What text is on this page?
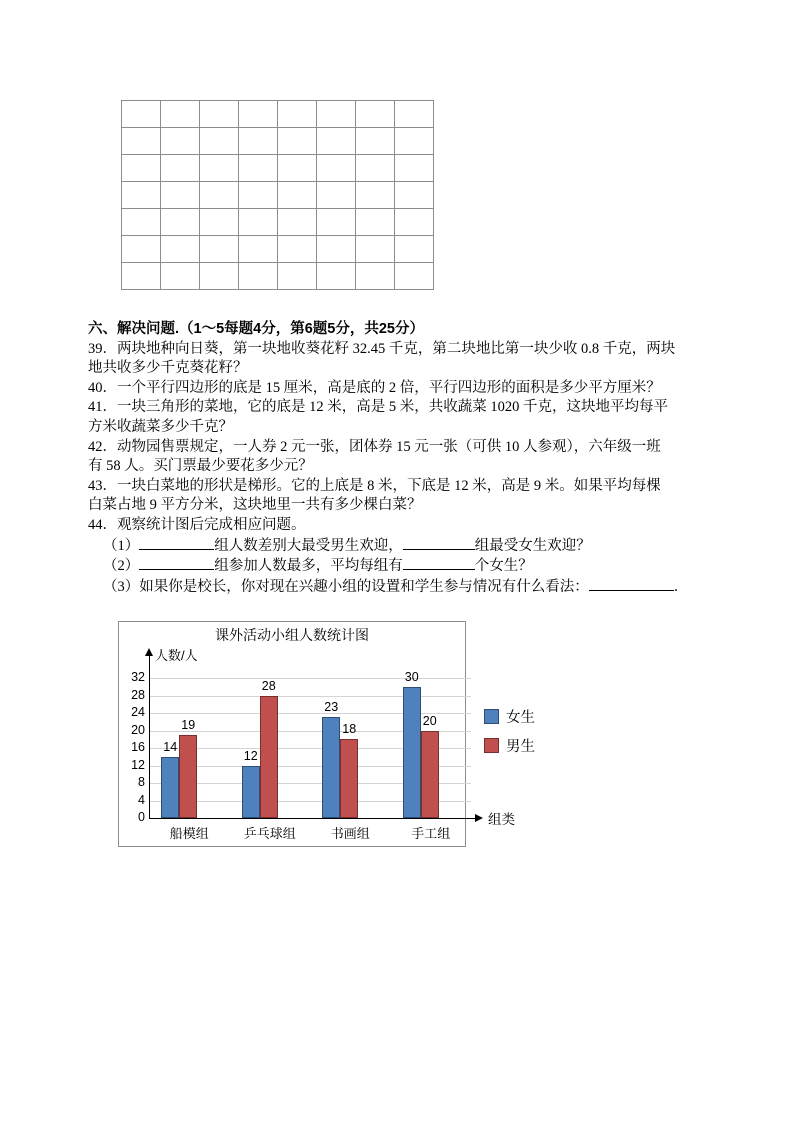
六、解决问题.（1～5每题4分，第6题5分，共25分）
39．两块地种向日葵，第一块地收葵花籽 32.45 千克，第二块地比第一块少收 0.8 千克，两块
地共收多少千克葵花籽？
40．一个平行四边形的底是 15 厘米，高是底的 2 倍，平行四边形的面积是多少平方厘米？
41．一块三角形的菜地，它的底是 12 米，高是 5 米，共收蔬菜 1020 千克，这块地平均每平
方米收蔬菜多少千克？
42．动物园售票规定，一人券 2 元一张，团体券 15 元一张（可供 10 人参观），六年级一班
有 58 人。买门票最少要花多少元？
43．一块白菜地的形状是梯形。它的上底是 8 米，下底是 12 米，高是 9 米。如果平均每棵
白菜占地 9 平方分米，这块地里一共有多少棵白菜？
44．观察统计图后完成相应问题。
（1）	组人数差别大最受男生欢迎，	组最受女生欢迎？
（2）	组参加人数最多，平均每组有	个女生？
（3）如果你是校长，你对现在兴趣小组的设置和学生参与情况有什么看法：	．
课外活动小组人数统计图
人数/人
0
4
8
12
16
20
24
28
32
14
19
船模组
12
28
乒乓球组
23
18
书画组
30
20
手工组
女生
男生
组类
